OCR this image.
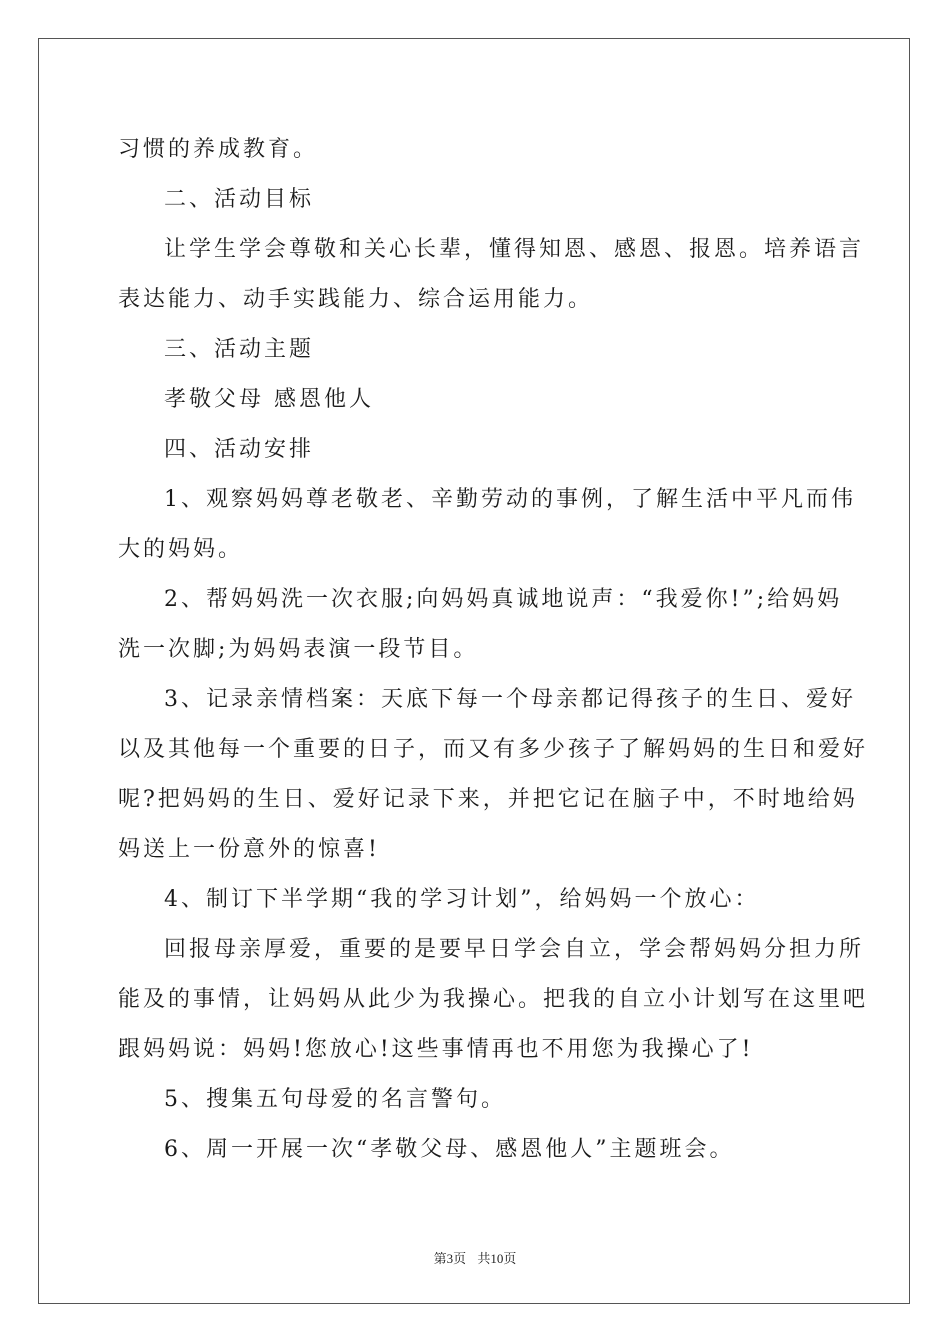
习惯的养成教育。
二、活动目标
让学生学会尊敬和关心长辈，懂得知恩、感恩、报恩。培养语言
表达能力、动手实践能力、综合运用能力。
三、活动主题
孝敬父母 感恩他人
四、活动安排
1、观察妈妈尊老敬老、辛勤劳动的事例，了解生活中平凡而伟
大的妈妈。
2、帮妈妈洗一次衣服;向妈妈真诚地说声：“我爱你!”;给妈妈
洗一次脚;为妈妈表演一段节目。
3、记录亲情档案：天底下每一个母亲都记得孩子的生日、爱好
以及其他每一个重要的日子，而又有多少孩子了解妈妈的生日和爱好
呢?把妈妈的生日、爱好记录下来，并把它记在脑子中，不时地给妈
妈送上一份意外的惊喜!
4、制订下半学期“我的学习计划”，给妈妈一个放心：
回报母亲厚爱，重要的是要早日学会自立，学会帮妈妈分担力所
能及的事情，让妈妈从此少为我操心。把我的自立小计划写在这里吧
跟妈妈说：妈妈!您放心!这些事情再也不用您为我操心了!
5、搜集五句母爱的名言警句。
6、周一开展一次“孝敬父母、感恩他人”主题班会。
第3页 共10页
